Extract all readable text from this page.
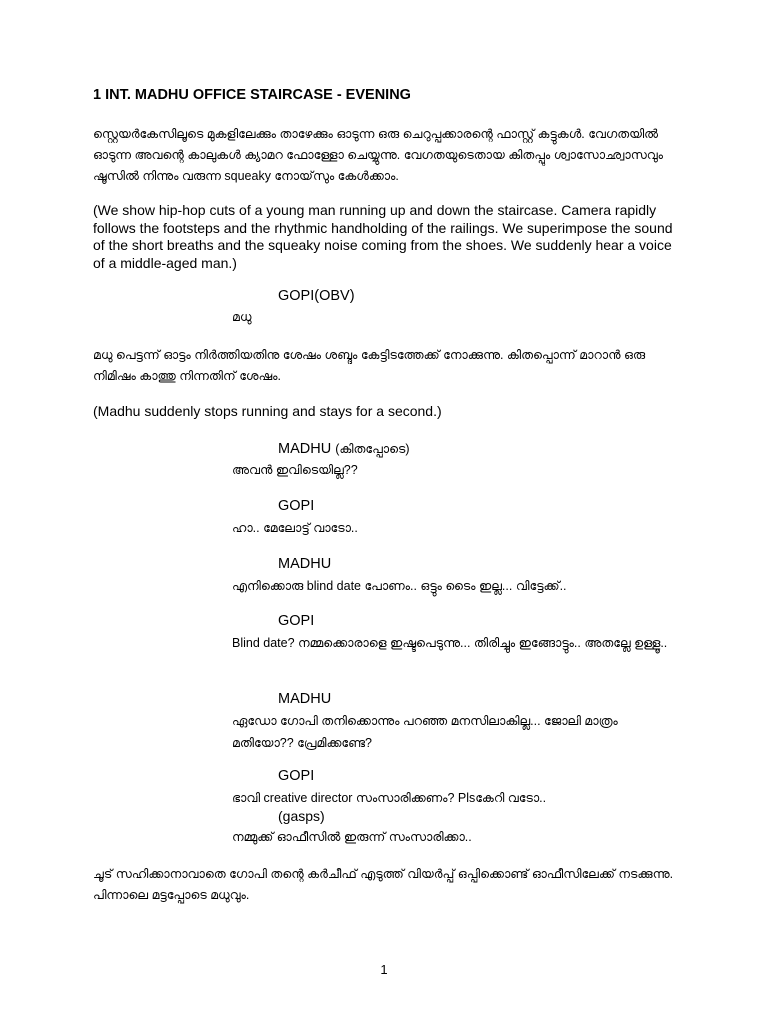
1 INT. MADHU OFFICE STAIRCASE - EVENING
സ്റ്റെയർകേസിലൂടെ മുകളിലേക്കും താഴേക്കും ഓടുന്ന ഒരു ചെറുപ്പക്കാരന്റെ ഫാസ്റ്റ് കട്ടുകൾ. വേഗതയിൽ ഓടുന്ന അവന്റെ കാലുകൾ ക്യാമറ ഫോള്ളോ ചെയ്യുന്നു. വേഗതയുടെതായ കിതപ്പും ശ്വാസോഛ്വാസവും ഷൂസിൽ നിന്നും വരുന്ന squeaky നോയ്‌സും കേൾക്കാം.
(We show hip-hop cuts of a young man running up and down the staircase. Camera rapidly follows the footsteps and the rhythmic handholding of the railings. We superimpose the sound of the short breaths and the squeaky noise coming from the shoes. We suddenly hear a voice of a middle-aged man.)
GOPI(OBV)
മധു
മധു പെട്ടന്ന് ഓട്ടം നിർത്തിയതിനു ശേഷം ശബ്ദം കേട്ടിടത്തേക്ക് നോക്കുന്നു. കിതപ്പൊന്ന് മാറാൻ ഒരു നിമിഷം കാത്തു നിന്നതിന് ശേഷം.
(Madhu suddenly stops running and stays for a second.)
MADHU (കിതപ്പോടെ)
അവൻ ഇവിടെയില്ല??
GOPI
ഹാ.. മേലോട്ട് വാടോ..
MADHU
എനിക്കൊരു blind date പോണം.. ഒട്ടും ടൈം ഇല്ല... വിട്ടേക്ക്..
GOPI
Blind date? നമ്മക്കൊരാളെ ഇഷ്ടപെടുന്നു... തിരിച്ചും ഇങ്ങോട്ടും.. അതല്ലേ ഉള്ളൂ..
MADHU
ഏഡോ ഗോപി തനിക്കൊന്നും പറഞ്ഞ മനസിലാകില്ല... ജോലി മാത്രം മതിയോ?? പ്രേമിക്കണ്ടേ?
GOPI
ഭാവി creative director സംസാരിക്കണം? Plsകേറി വടോ..
(gasps)
നമ്മുക്ക് ഓഫീസിൽ ഇരുന്ന് സംസാരിക്കാ..
ചൂട് സഹിക്കാനാവാതെ ഗോപി തന്റെ കർചീഫ് എടുത്ത് വിയർപ്പ് ഒപ്പിക്കൊണ്ട് ഓഫീസിലേക്ക് നടക്കുന്നു. പിന്നാലെ മട്ടപ്പോടെ മധുവും.
1
